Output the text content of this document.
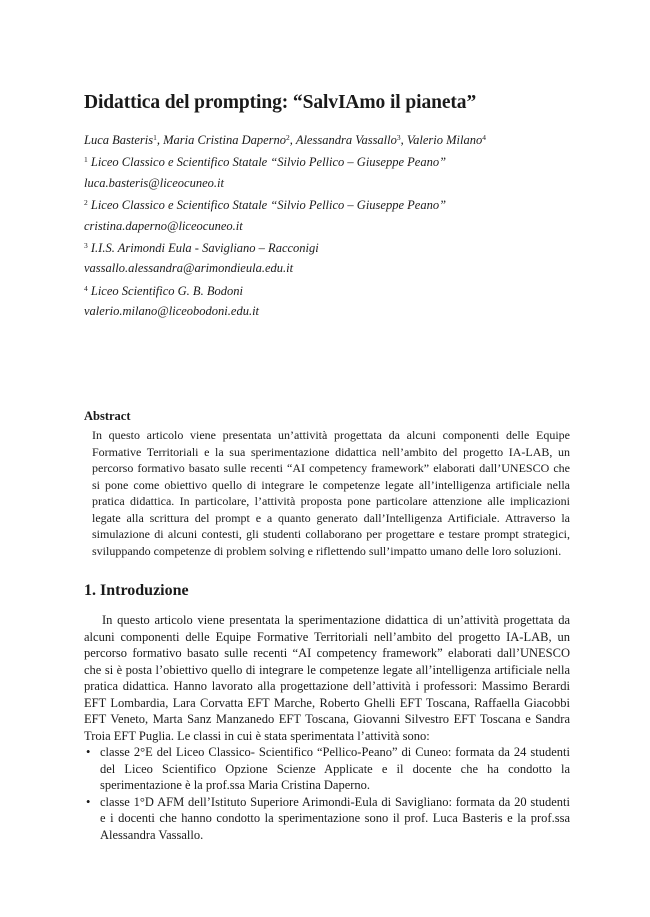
Didattica del prompting: “SalvIAmo il pianeta”
Luca Basteris$^1$, Maria Cristina Daperno$^2$, Alessandra Vassallo$^3$, Valerio Milano$^4$
$^1$ Liceo Classico e Scientifico Statale “Silvio Pellico – Giuseppe Peano”
luca.basteris@liceocuneo.it
$^2$ Liceo Classico e Scientifico Statale “Silvio Pellico – Giuseppe Peano”
cristina.daperno@liceocuneo.it
$^3$ I.I.S. Arimondi Eula - Savigliano – Racconigi
vassallo.alessandra@arimondieula.edu.it
$^4$ Liceo Scientifico G. B. Bodoni
valerio.milano@liceobodoni.edu.it
Abstract

In questo articolo viene presentata un’attività progettata da alcuni componenti delle Equipe Formative Territoriali e la sua sperimentazione didattica nell’ambito del progetto IA-LAB, un percorso formativo basato sulle recenti “AI competency framework” elaborati dall’UNESCO che si pone come obiettivo quello di integrare le competenze legate all’intelligenza artificiale nella pratica didattica. In particolare, l’attività proposta pone particolare attenzione alle implicazioni legate alla scrittura del prompt e a quanto generato dall’Intelligenza Artificiale. Attraverso la simulazione di alcuni contesti, gli studenti collaborano per progettare e testare prompt strategici, sviluppando competenze di problem solving e riflettendo sull’impatto umano delle loro soluzioni.

1. Introduzione

In questo articolo viene presentata la sperimentazione didattica di un’attività progettata da alcuni componenti delle Equipe Formative Territoriali nell’ambito del progetto IA-LAB, un percorso formativo basato sulle recenti “AI competency framework” elaborati dall’UNESCO che si è posta l’obiettivo quello di integrare le competenze legate all’intelligenza artificiale nella pratica didattica. Hanno lavorato alla progettazione dell’attività i professori: Massimo Berardi EFT Lombardia, Lara Corvatta EFT Marche, Roberto Ghelli EFT Toscana, Raffaella Giacobbi EFT Veneto, Marta Sanz Manzanedo EFT Toscana, Giovanni Silvestro EFT Toscana e Sandra Troia EFT Puglia. Le classi in cui è stata sperimentata l’attività sono:

• classe 2°E del Liceo Classico- Scientifico “Pellico-Peano” di Cuneo: formata da 24 studenti del Liceo Scientifico Opzione Scienze Applicate e il docente che ha condotto la sperimentazione è la prof.ssa Maria Cristina Daperno.
• classe 1°D AFM dell’Istituto Superiore Arimondi-Eula di Savigliano: formata da 20 studenti e i docenti che hanno condotto la sperimentazione sono il prof. Luca Basteris e la prof.ssa Alessandra Vassallo.
